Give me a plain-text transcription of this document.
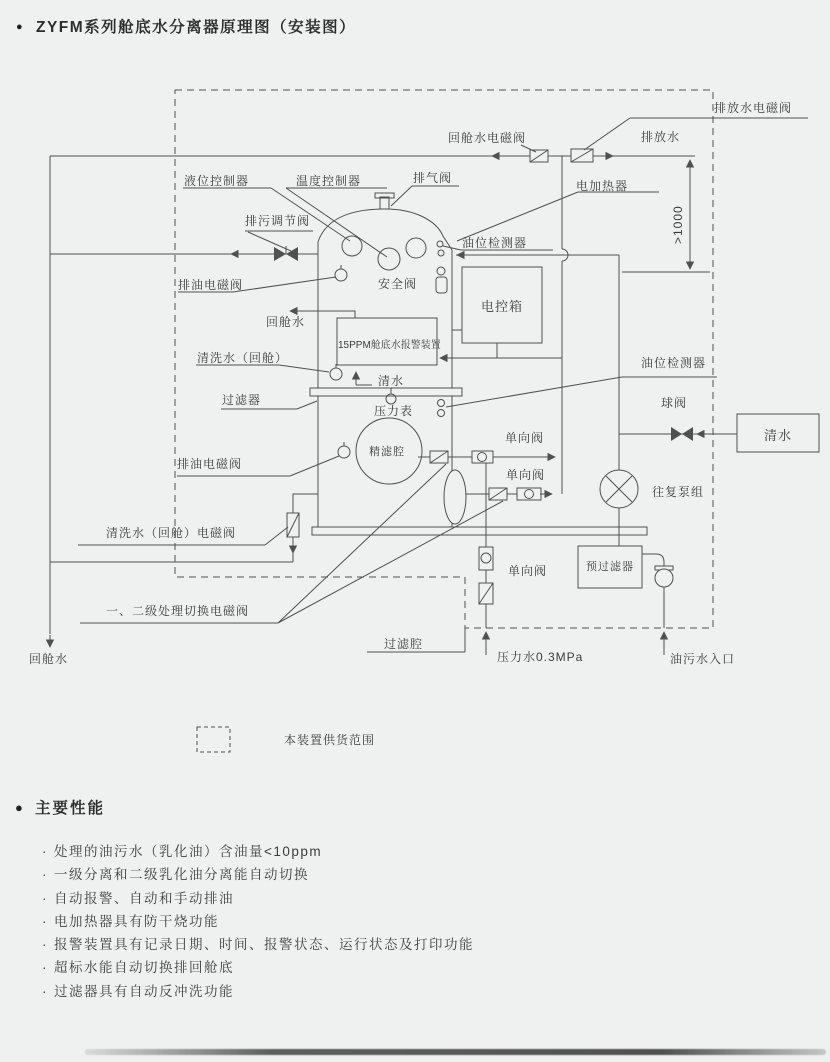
● ZYFM系列舱底水分离器原理图（安装图）
排放水电磁阀
回舱水电磁阀	排放水
电加热器
液位控制器	温度控制器	排气阀
排污调节阀
油位检测器
排油电磁阀	安全阀
电控箱
回舱水
15PPM舱底水报警装置
清洗水（回舱）
清水
过滤器
压力表
油位检测器
球阀
清水
精滤腔
单向阀
单向阀
往复泵组
排油电磁阀
清洗水（回舱）电磁阀
一、二级处理切换电磁阀
单向阀	预过滤器
过滤腔
压力水0.3MPa	油污水入口
回舱水
>1000
本装置供货范围
● 主要性能
· 处理的油污水（乳化油）含油量<10ppm
· 一级分离和二级乳化油分离能自动切换
· 自动报警、自动和手动排油
· 电加热器具有防干烧功能
· 报警装置具有记录日期、时间、报警状态、运行状态及打印功能
· 超标水能自动切换排回舱底
· 过滤器具有自动反冲洗功能
